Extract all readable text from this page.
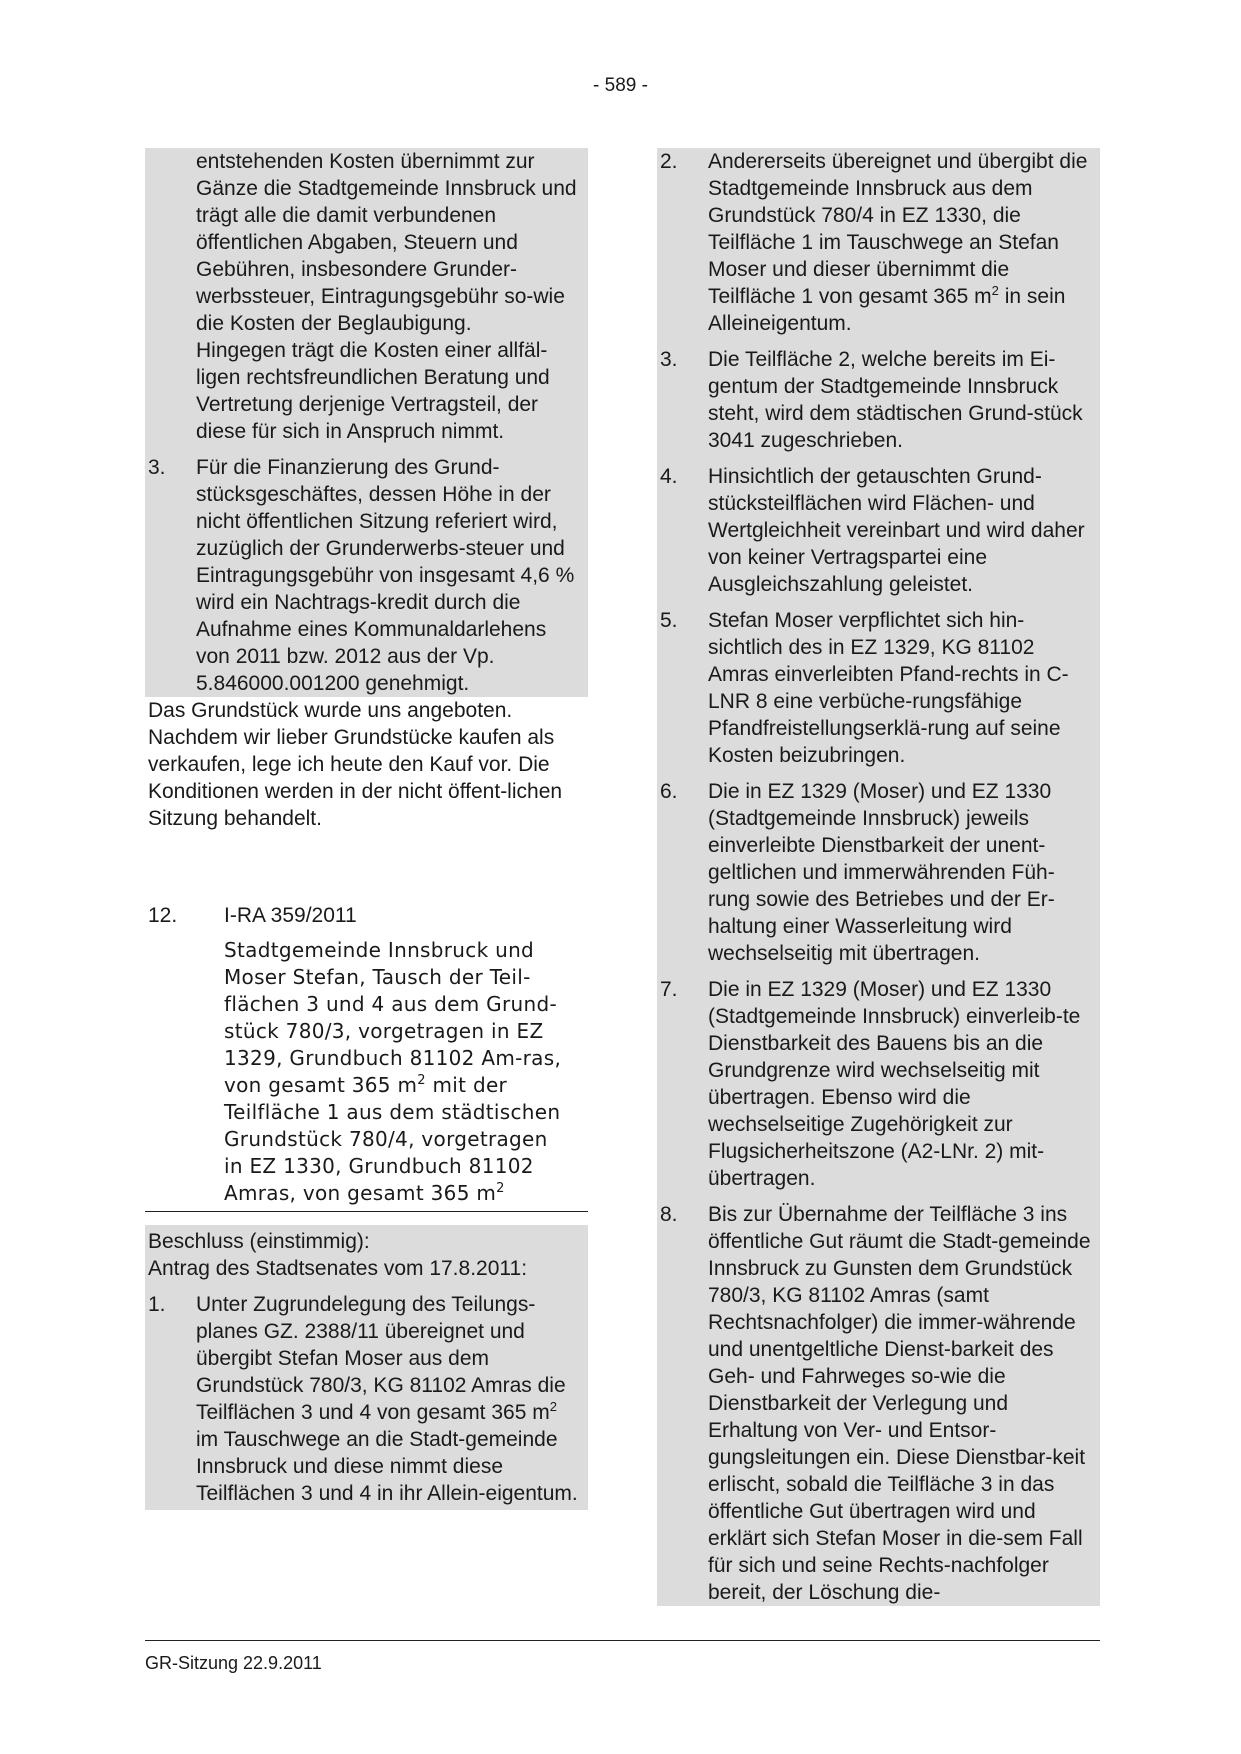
- 589 -

entstehenden Kosten übernimmt zur Gänze die Stadtgemeinde Innsbruck und trägt alle die damit verbundenen öffentlichen Abgaben, Steuern und Gebühren, insbesondere Grunder-werbssteuer, Eintragungsgebühr so-wie die Kosten der Beglaubigung.

Hingegen trägt die Kosten einer allfäl-ligen rechtsfreundlichen Beratung und Vertretung derjenige Vertragsteil, der diese für sich in Anspruch nimmt.

3.	Für die Finanzierung des Grund-stücksgeschäftes, dessen Höhe in der nicht öffentlichen Sitzung referiert wird, zuzüglich der Grunderwerbs-steuer und Eintragungsgebühr von insgesamt 4,6 % wird ein Nachtrags-kredit durch die Aufnahme eines Kommunaldarlehens von 2011 bzw. 2012 aus der Vp. 5.846000.001200 genehmigt.

Das Grundstück wurde uns angeboten. Nachdem wir lieber Grundstücke kaufen als verkaufen, lege ich heute den Kauf vor. Die Konditionen werden in der nicht öffent-lichen Sitzung behandelt.

12.	I-RA 359/2011
Stadtgemeinde Innsbruck und Moser Stefan, Tausch der Teil-flächen 3 und 4 aus dem Grund-stück 780/3, vorgetragen in EZ 1329, Grundbuch 81102 Am-ras, von gesamt 365 $m^2$ mit der Teilfläche 1 aus dem städtischen Grundstück 780/4, vorgetragen in EZ 1330, Grundbuch 81102 Amras, von gesamt 365 $m^2$

Beschluss (einstimmig):

Antrag des Stadtsenates vom 17.8.2011:

1.	Unter Zugrundelegung des Teilungs-planes GZ. 2388/11 übereignet und übergibt Stefan Moser aus dem Grundstück 780/3, KG 81102 Amras die Teilflächen 3 und 4 von gesamt 365 $m^2$ im Tauschwege an die Stadt-gemeinde Innsbruck und diese nimmt diese Teilflächen 3 und 4 in ihr Allein-eigentum.
2.	Andererseits übereignet und übergibt die Stadtgemeinde Innsbruck aus dem Grundstück 780/4 in EZ 1330, die Teilfläche 1 im Tauschwege an Stefan Moser und dieser übernimmt die Teilfläche 1 von gesamt 365 $m^2$ in sein Alleineigentum.
3.	Die Teilfläche 2, welche bereits im Ei-gentum der Stadtgemeinde Innsbruck steht, wird dem städtischen Grund-stück 3041 zugeschrieben.
4.	Hinsichtlich der getauschten Grund-stücksteilflächen wird Flächen- und Wertgleichheit vereinbart und wird daher von keiner Vertragspartei eine Ausgleichszahlung geleistet.
5.	Stefan Moser verpflichtet sich hin-sichtlich des in EZ 1329, KG 81102 Amras einverleibten Pfand-rechts in C-LNR 8 eine verbüche-rungsfähige Pfandfreistellungserklä-rung auf seine Kosten beizubringen.
6.	Die in EZ 1329 (Moser) und EZ 1330 (Stadtgemeinde Innsbruck) jeweils einverleibte Dienstbarkeit der unent-geltlichen und immerwährenden Füh-rung sowie des Betriebes und der Er-haltung einer Wasserleitung wird wechselseitig mit übertragen.
7.	Die in EZ 1329 (Moser) und EZ 1330 (Stadtgemeinde Innsbruck) einverleib-te Dienstbarkeit des Bauens bis an die Grundgrenze wird wechselseitig mit übertragen. Ebenso wird die wechselseitige Zugehörigkeit zur Flugsicherheitszone (A2-LNr. 2) mit-übertragen.
8.	Bis zur Übernahme der Teilfläche 3 ins öffentliche Gut räumt die Stadt-gemeinde Innsbruck zu Gunsten dem Grundstück 780/3, KG 81102 Amras (samt Rechtsnachfolger) die immer-währende und unentgeltliche Dienst-barkeit des Geh- und Fahrweges so-wie die Dienstbarkeit der Verlegung und Erhaltung von Ver- und Entsor-gungsleitungen ein. Diese Dienstbar-keit erlischt, sobald die Teilfläche 3 in das öffentliche Gut übertragen wird und erklärt sich Stefan Moser in die-sem Fall für sich und seine Rechts-nachfolger bereit, der Löschung die-
GR-Sitzung 22.9.2011
